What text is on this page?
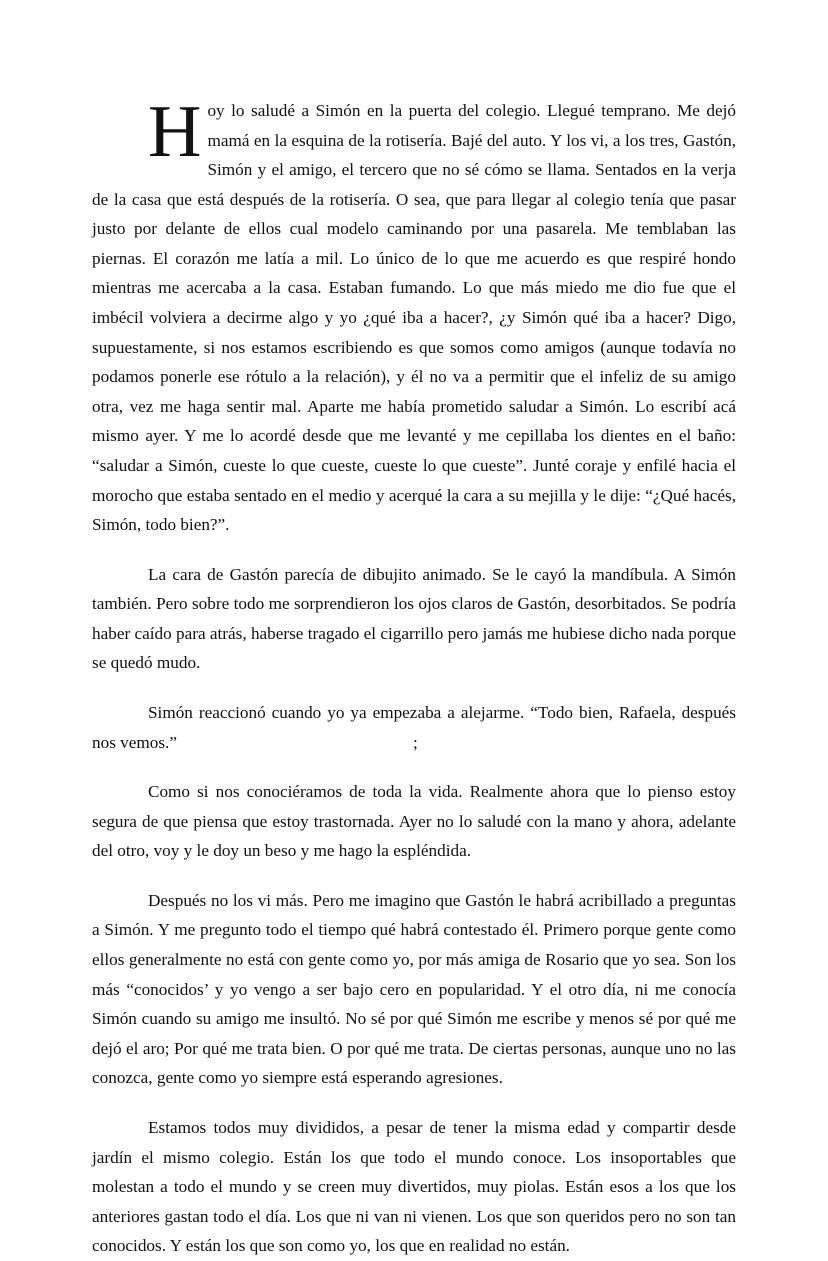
Hoy lo saludé a Simón en la puerta del colegio. Llegué temprano. Me dejó mamá en la esquina de la rotisería. Bajé del auto. Y los vi, a los tres, Gastón, Simón y el amigo, el tercero que no sé cómo se llama. Sentados en la verja de la casa que está después de la rotisería. O sea, que para llegar al colegio tenía que pasar justo por delante de ellos cual modelo caminando por una pasarela. Me temblaban las piernas. El corazón me latía a mil. Lo único de lo que me acuerdo es que respiré hondo mientras me acercaba a la casa. Estaban fumando. Lo que más miedo me dio fue que el imbécil volviera a decirme algo y yo ¿qué iba a hacer?, ¿y Simón qué iba a hacer? Digo, supuestamente, si nos estamos escribiendo es que somos como amigos (aunque todavía no podamos ponerle ese rótulo a la relación), y él no va a permitir que el infeliz de su amigo otra, vez me haga sentir mal. Aparte me había prometido saludar a Simón. Lo escribí acá mismo ayer. Y me lo acordé desde que me levanté y me cepillaba los dientes en el baño: “saludar a Simón, cueste lo que cueste, cueste lo que cueste”. Junté coraje y enfilé hacia el morocho que estaba sentado en el medio y acerqué la cara a su mejilla y le dije: “¿Qué hacés, Simón, todo bien?”.

La cara de Gastón parecía de dibujito animado. Se le cayó la mandíbula. A Simón también. Pero sobre todo me sorprendieron los ojos claros de Gastón, desorbitados. Se podría haber caído para atrás, haberse tragado el cigarrillo pero jamás me hubiese dicho nada porque se quedó mudo.

Simón reaccionó cuando yo ya empezaba a alejarme. “Todo bien, Rafaela, después nos vemos.”	;

Como si nos conociéramos de toda la vida. Realmente ahora que lo pienso estoy segura de que piensa que estoy trastornada. Ayer no lo saludé con la mano y ahora, adelante del otro, voy y le doy un beso y me hago la espléndida.

Después no los vi más. Pero me imagino que Gastón le habrá acribillado a preguntas a Simón. Y me pregunto todo el tiempo qué habrá contestado él. Primero porque gente como ellos generalmente no está con gente como yo, por más amiga de Rosario que yo sea. Son los más “conocidos’ y yo vengo a ser bajo cero en popularidad. Y el otro día, ni me conocía Simón cuando su amigo me insultó. No sé por qué Simón me escribe y menos sé por qué me dejó el aro; Por qué me trata bien. O por qué me trata. De ciertas personas, aunque uno no las conozca, gente como yo siempre está esperando agresiones.

Estamos todos muy divididos, a pesar de tener la misma edad y compartir desde jardín el mismo colegio. Están los que todo el mundo conoce. Los insoportables que molestan a todo el mundo y se creen muy divertidos, muy piolas. Están esos a los que los anteriores gastan todo el día. Los que ni van ni vienen. Los que son queridos pero no son tan conocidos. Y están los que son como yo, los que en realidad no están.
